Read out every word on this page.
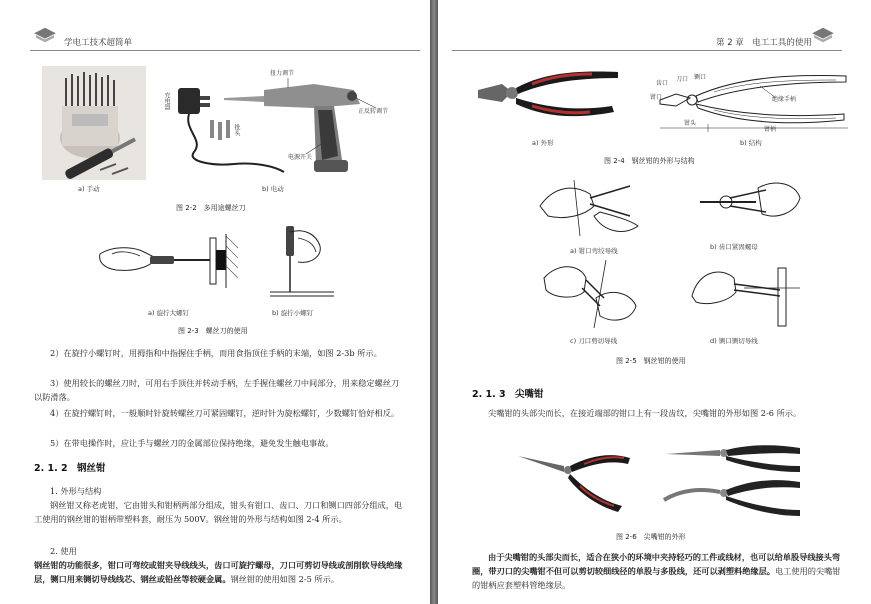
学电工技术超简单
a) 手动
充电器
扭力调节
正反转调节
批头
电源开关
b) 电动
图 2-2　多用途螺丝刀
a) 旋拧大螺钉	b) 旋拧小螺钉
图 2-3　螺丝刀的使用
2）在旋拧小螺钉时，用拇指和中指握住手柄，而用食指顶住手柄的末端，如图 2-3b 所示。
3）使用较长的螺丝刀时，可用右手顶住并转动手柄，左手握住螺丝刀中间部分，用来稳定螺丝刀以防滑落。
4）在旋拧螺钉时，一般顺时针旋转螺丝刀可紧固螺钉，逆时针为旋松螺钉，少数螺钉恰好相反。
5）在带电操作时，应让手与螺丝刀的金属部位保持绝缘，避免发生触电事故。
2. 1. 2 钢丝钳
1. 外形与结构
钢丝钳又称老虎钳，它由钳头和钳柄两部分组成，钳头有钳口、齿口、刀口和铡口四部分组成，电工使用的钢丝钳的钳柄带塑料套，耐压为 500V。钢丝钳的外形与结构如图 2-4 所示。
2. 使用
钢丝钳的功能很多，钳口可弯绞或钳夹导线线头，齿口可旋拧螺母，刀口可剪切导线或剖削软导线绝缘层，铡口用来铡切导线线芯、钢丝或铅丝等较硬金属。钢丝钳的使用如图 2-5 所示。
第 2 章　电工工具的使用
a) 外形
钳口
齿口
刀口 铡口
绝缘手柄
钳头
钳柄
b) 结构
图 2-4　钢丝钳的外形与结构
a) 钳口弯绞导线	b) 齿口紧固螺母
c) 刀口剪切导线	d) 铡口铡切导线
图 2-5　钢丝钳的使用
2. 1. 3 尖嘴钳
尖嘴钳的头部尖而长，在接近端部的钳口上有一段齿纹，尖嘴钳的外形如图 2-6 所示。
图 2-6　尖嘴钳的外形
由于尖嘴钳的头部尖而长，适合在狭小的环境中夹持轻巧的工件或线材，也可以给单股导线接头弯圈，带刃口的尖嘴钳不但可以剪切较细线径的单股与多股线，还可以剥塑料绝缘层。电工使用的尖嘴钳的钳柄应套塑料管绝缘层。
